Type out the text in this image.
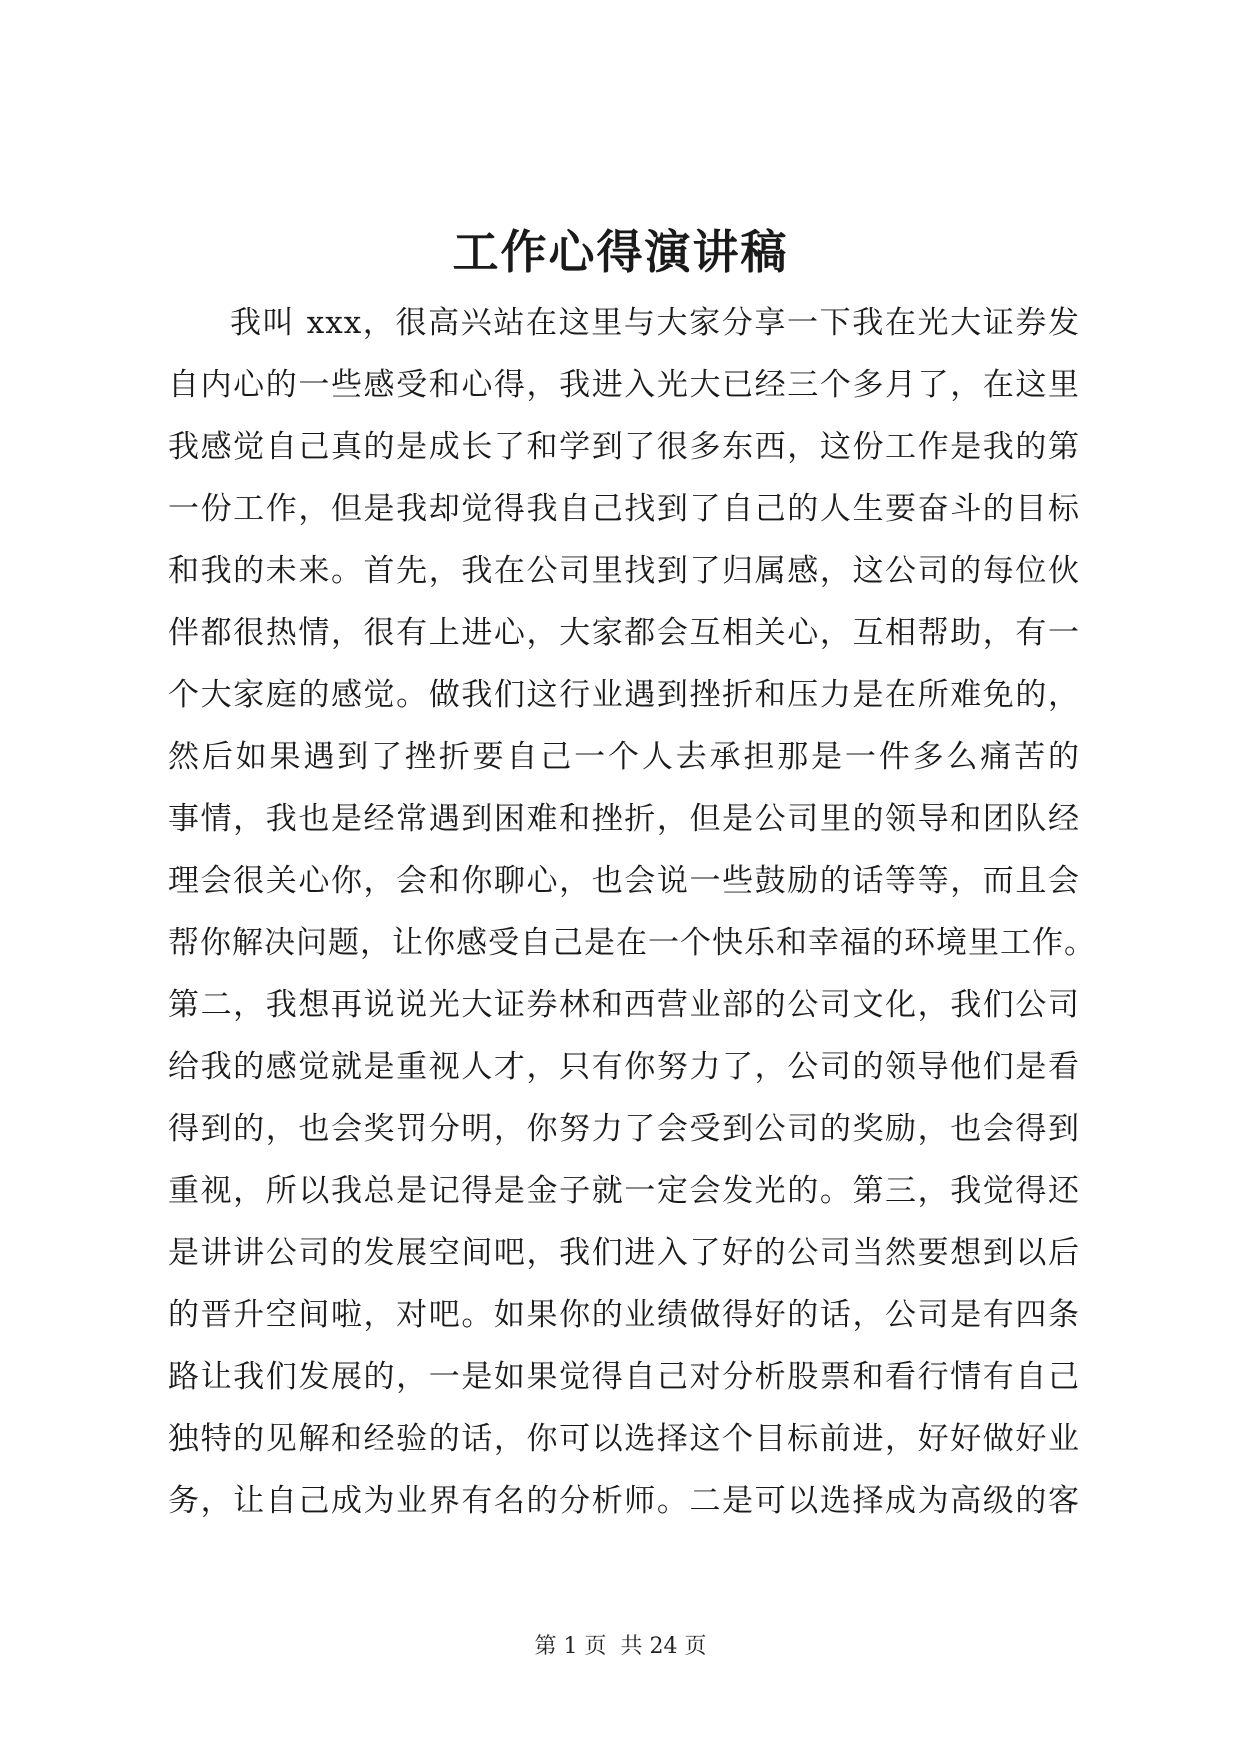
工作心得演讲稿
我叫 xxx，很高兴站在这里与大家分享一下我在光大证券发
自内心的一些感受和心得，我进入光大已经三个多月了，在这里
我感觉自己真的是成长了和学到了很多东西，这份工作是我的第
一份工作，但是我却觉得我自己找到了自己的人生要奋斗的目标
和我的未来。首先，我在公司里找到了归属感，这公司的每位伙
伴都很热情，很有上进心，大家都会互相关心，互相帮助，有一
个大家庭的感觉。做我们这行业遇到挫折和压力是在所难免的，
然后如果遇到了挫折要自己一个人去承担那是一件多么痛苦的
事情，我也是经常遇到困难和挫折，但是公司里的领导和团队经
理会很关心你，会和你聊心，也会说一些鼓励的话等等，而且会
帮你解决问题，让你感受自己是在一个快乐和幸福的环境里工作。
第二，我想再说说光大证券林和西营业部的公司文化，我们公司
给我的感觉就是重视人才，只有你努力了，公司的领导他们是看
得到的，也会奖罚分明，你努力了会受到公司的奖励，也会得到
重视，所以我总是记得是金子就一定会发光的。第三，我觉得还
是讲讲公司的发展空间吧，我们进入了好的公司当然要想到以后
的晋升空间啦，对吧。如果你的业绩做得好的话，公司是有四条
路让我们发展的，一是如果觉得自己对分析股票和看行情有自己
独特的见解和经验的话，你可以选择这个目标前进，好好做好业
务，让自己成为业界有名的分析师。二是可以选择成为高级的客
第 1 页  共 24 页
